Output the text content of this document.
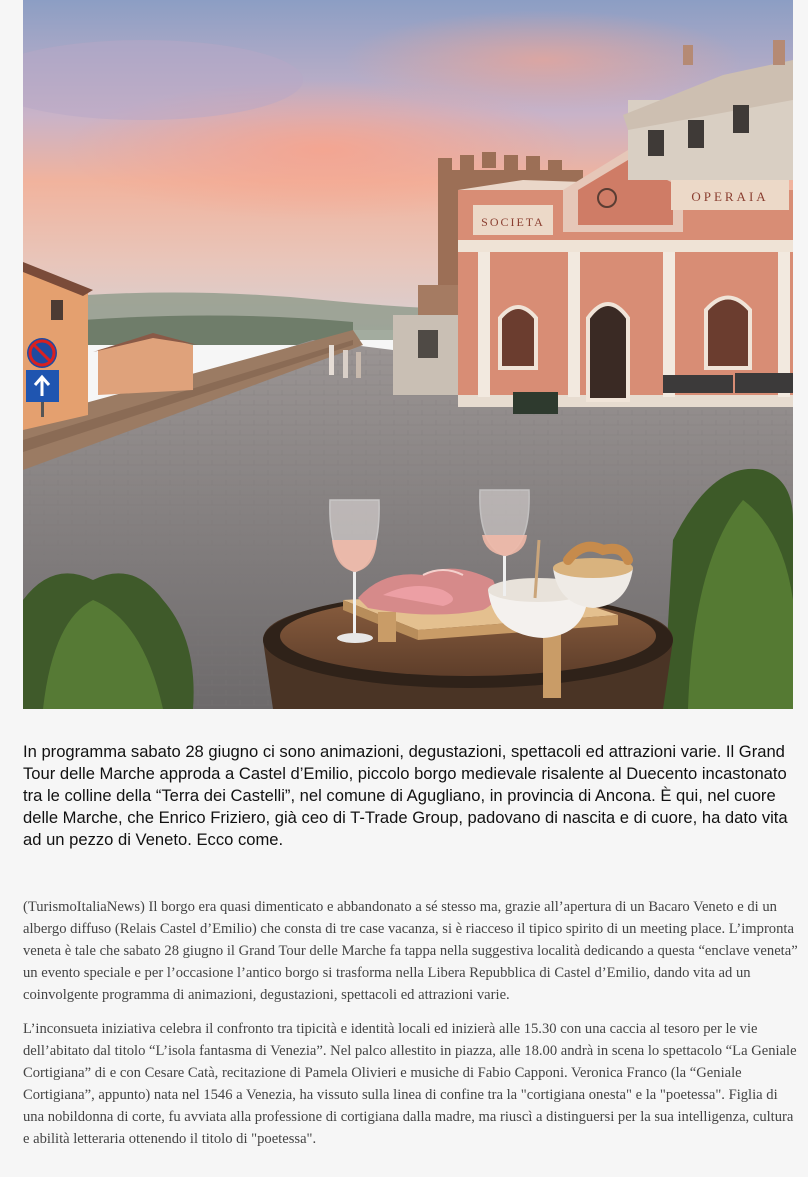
SOCIETA
OPERAIA

In programma sabato 28 giugno ci sono animazioni, degustazioni, spettacoli ed attrazioni varie. Il Grand Tour delle Marche approda a Castel d’Emilio, piccolo borgo medievale risalente al Duecento incastonato tra le colline della “Terra dei Castelli”, nel comune di Agugliano, in provincia di Ancona. È qui, nel cuore delle Marche, che Enrico Friziero, già ceo di T-Trade Group, padovano di nascita e di cuore, ha dato vita ad un pezzo di Veneto. Ecco come.

(TurismoItaliaNews) Il borgo era quasi dimenticato e abbandonato a sé stesso ma, grazie all’apertura di un Bacaro Veneto e di un albergo diffuso (Relais Castel d’Emilio) che consta di tre case vacanza, si è riacceso il tipico spirito di un meeting place. L’impronta veneta è tale che sabato 28 giugno il Grand Tour delle Marche fa tappa nella suggestiva località dedicando a questa “enclave veneta” un evento speciale e per l’occasione l’antico borgo si trasforma nella Libera Repubblica di Castel d’Emilio, dando vita ad un coinvolgente programma di animazioni, degustazioni, spettacoli ed attrazioni varie.

L’inconsueta iniziativa celebra il confronto tra tipicità e identità locali ed inizierà alle 15.30 con una caccia al tesoro per le vie dell’abitato dal titolo “L’isola fantasma di Venezia”. Nel palco allestito in piazza, alle 18.00 andrà in scena lo spettacolo “La Geniale Cortigiana” di e con Cesare Catà, recitazione di Pamela Olivieri e musiche di Fabio Capponi. Veronica Franco (la “Geniale Cortigiana”, appunto) nata nel 1546 a Venezia, ha vissuto sulla linea di confine tra la "cortigiana onesta" e la "poetessa". Figlia di una nobildonna di corte, fu avviata alla professione di cortigiana dalla madre, ma riuscì a distinguersi per la sua intelligenza, cultura e abilità letteraria ottenendo il titolo di "poetessa".
